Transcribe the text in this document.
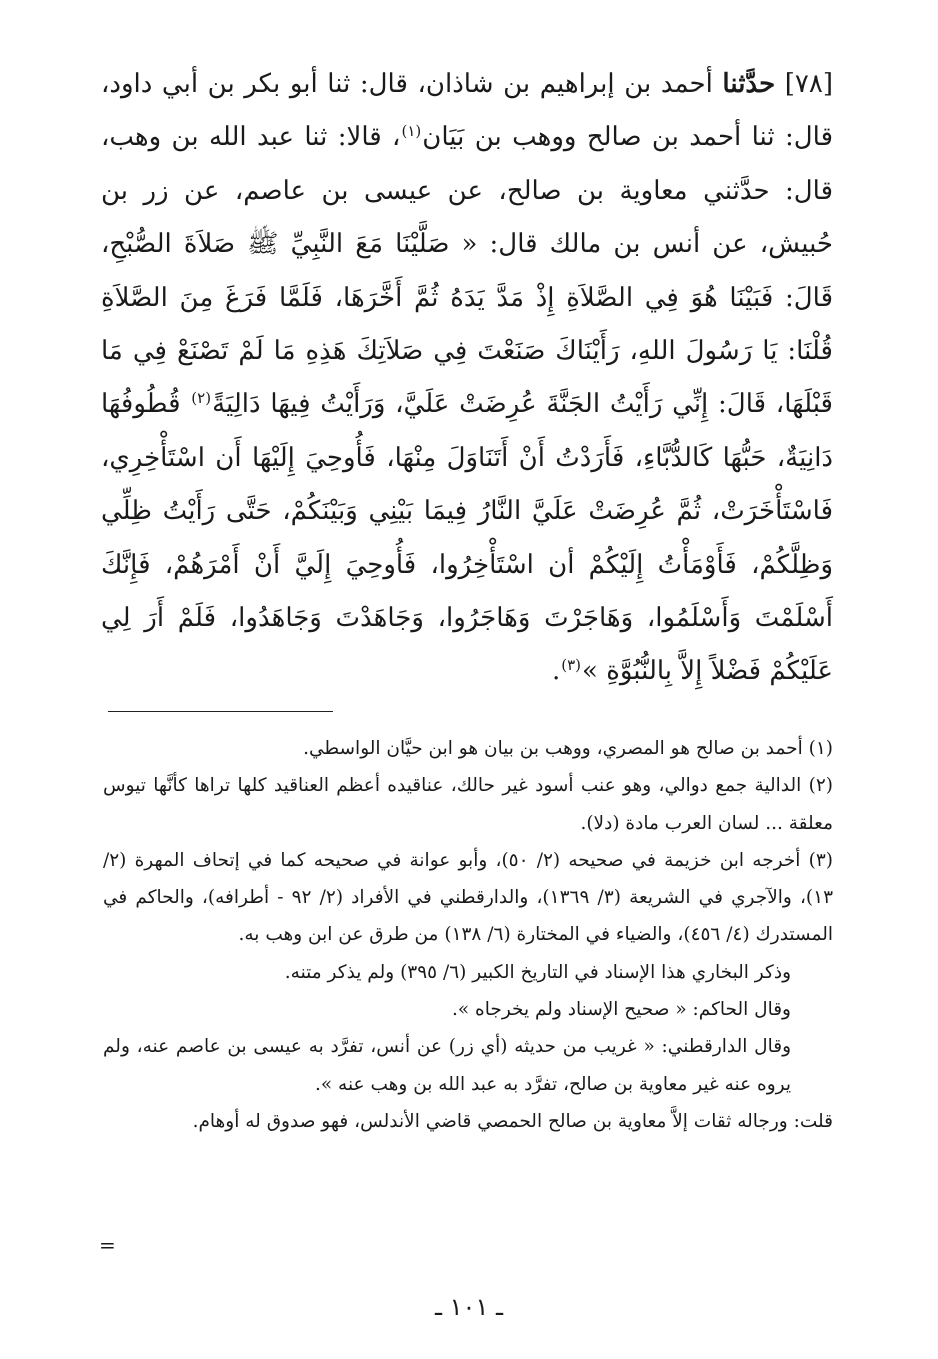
[٧٨] حدَّثنا أحمد بن إبراهيم بن شاذان، قال: ثنا أبو بكر بن أبي داود، قال: ثنا أحمد بن صالح ووهب بن بَيَان$^{(١)}$، قالا: ثنا عبد الله بن وهب، قال: حدَّثني معاوية بن صالح، عن عيسى بن عاصم، عن زر بن حُبيش، عن أنس بن مالك قال: « صَلَّيْنَا مَعَ النَّبِيِّ ﷺ صَلاَةَ الصُّبْحِ، قَالَ: فَبَيْنَا هُوَ فِي الصَّلاَةِ إِذْ مَدَّ يَدَهُ ثُمَّ أَخَّرَهَا، فَلَمَّا فَرَغَ مِنَ الصَّلاَةِ قُلْنَا: يَا رَسُولَ اللهِ، رَأَيْنَاكَ صَنَعْتَ فِي صَلاَتِكَ هَذِهِ مَا لَمْ تَصْنَعْ فِي مَا قَبْلَهَا، قَالَ: إِنِّي رَأَيْتُ الجَنَّةَ عُرِضَتْ عَلَيَّ، وَرَأَيْتُ فِيهَا دَالِيَةً$^{(٢)}$ قُطُوفُهَا دَانِيَةٌ، حَبُّهَا كَالدُّبَّاءِ، فَأَرَدْتُ أَنْ أَتَنَاوَلَ مِنْهَا، فَأُوحِيَ إِلَيْهَا أَن اسْتَأْخِرِي، فَاسْتَأْخَرَتْ، ثُمَّ عُرِضَتْ عَلَيَّ النَّارُ فِيمَا بَيْنِي وَبَيْنَكُمْ، حَتَّى رَأَيْتُ ظِلِّي وَظِلَّكُمْ، فَأَوْمَأْتُ إِلَيْكُمْ أن اسْتَأْخِرُوا، فَأُوحِيَ إِلَيَّ أَنْ أَمْرَهُمْ، فَإِنَّكَ أَسْلَمْتَ وَأَسْلَمُوا، وَهَاجَرْتَ وَهَاجَرُوا، وَجَاهَدْتَ وَجَاهَدُوا، فَلَمْ أَرَ لِي عَلَيْكُمْ فَضْلاً إِلاَّ بِالنُّبُوَّةِ »$^{(٣)}$.

(١) أحمد بن صالح هو المصري، ووهب بن بيان هو ابن حيَّان الواسطي.

(٢) الدالية جمع دوالي، وهو عنب أسود غير حالك، عناقيده أعظم العناقيد كلها تراها كأنَّها تيوس معلقة ... لسان العرب مادة (دلا).

(٣) أخرجه ابن خزيمة في صحيحه (٢/ ٥٠)، وأبو عوانة في صحيحه كما في إتحاف المهرة (٢/ ١٣)، والآجري في الشريعة (٣/ ١٣٦٩)، والدارقطني في الأفراد (٢/ ٩٢ - أطرافه)، والحاكم في المستدرك (٤/ ٤٥٦)، والضياء في المختارة (٦/ ١٣٨) من طرق عن ابن وهب به.

وذكر البخاري هذا الإسناد في التاريخ الكبير (٦/ ٣٩٥) ولم يذكر متنه.

وقال الحاكم: « صحيح الإسناد ولم يخرجاه ».

وقال الدارقطني: « غريب من حديثه (أي زر) عن أنس، تفرَّد به عيسى بن عاصم عنه، ولم يروه عنه غير معاوية بن صالح، تفرَّد به عبد الله بن وهب عنه ».

قلت: ورجاله ثقات إلاَّ معاوية بن صالح الحمصي قاضي الأندلس، فهو صدوق له أوهام.

=
ـ ١٠١ ـ
